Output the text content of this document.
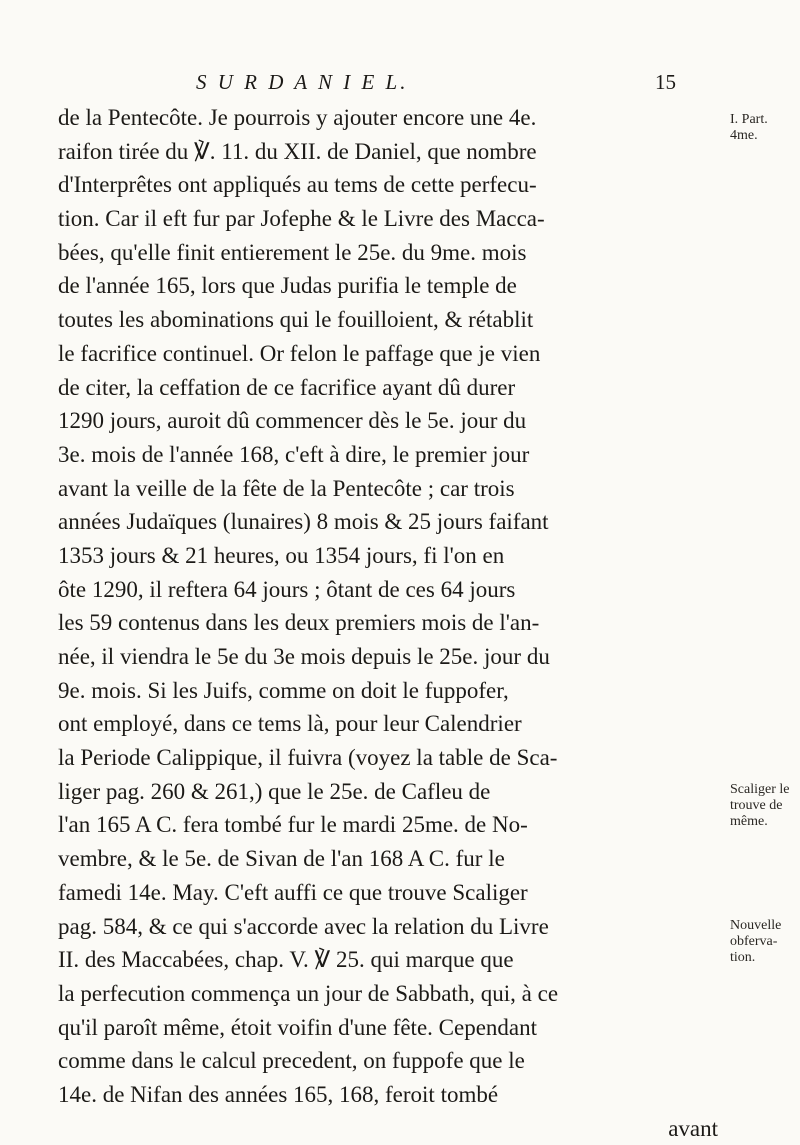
S U R D A N I E L.	15
de la Pentecôte. Je pourrois y ajouter encore une 4e.
raifon tirée du ℣. 11. du XII. de Daniel, que nombre
d'Interprêtes ont appliqués au tems de cette perfecu-
tion. Car il eft fur par Jofephe & le Livre des Macca-
bées, qu'elle finit entierement le 25e. du 9me. mois
de l'année 165, lors que Judas purifia le temple de
toutes les abominations qui le fouilloient, & rétablit
le facrifice continuel. Or felon le paffage que je vien
de citer, la ceffation de ce facrifice ayant dû durer
1290 jours, auroit dû commencer dès le 5e. jour du
3e. mois de l'année 168, c'eft à dire, le premier jour
avant la veille de la fête de la Pentecôte ; car trois
années Judaïques (lunaires) 8 mois & 25 jours faifant
1353 jours & 21 heures, ou 1354 jours, fi l'on en
ôte 1290, il reftera 64 jours ; ôtant de ces 64 jours
les 59 contenus dans les deux premiers mois de l'an-
née, il viendra le 5e du 3e mois depuis le 25e. jour du
9e. mois. Si les Juifs, comme on doit le fuppofer,
ont employé, dans ce tems là, pour leur Calendrier
la Periode Calippique, il fuivra (voyez la table de Sca-
liger pag. 260 & 261,) que le 25e. de Cafleu de
l'an 165 A C. fera tombé fur le mardi 25me. de No-
vembre, & le 5e. de Sivan de l'an 168 A C. fur le
famedi 14e. May. C'eft auffi ce que trouve Scaliger
pag. 584, & ce qui s'accorde avec la relation du Livre
II. des Maccabées, chap. V. ℣ 25. qui marque que
la perfecution commença un jour de Sabbath, qui, à ce
qu'il paroît même, étoit voifin d'une fête. Cependant
comme dans le calcul precedent, on fuppofe que le
14e. de Nifan des années 165, 168, feroit tombé
avant
I. Part.
4me.
Scaliger le
trouve de
même.
Nouvelle
obferva-
tion.
